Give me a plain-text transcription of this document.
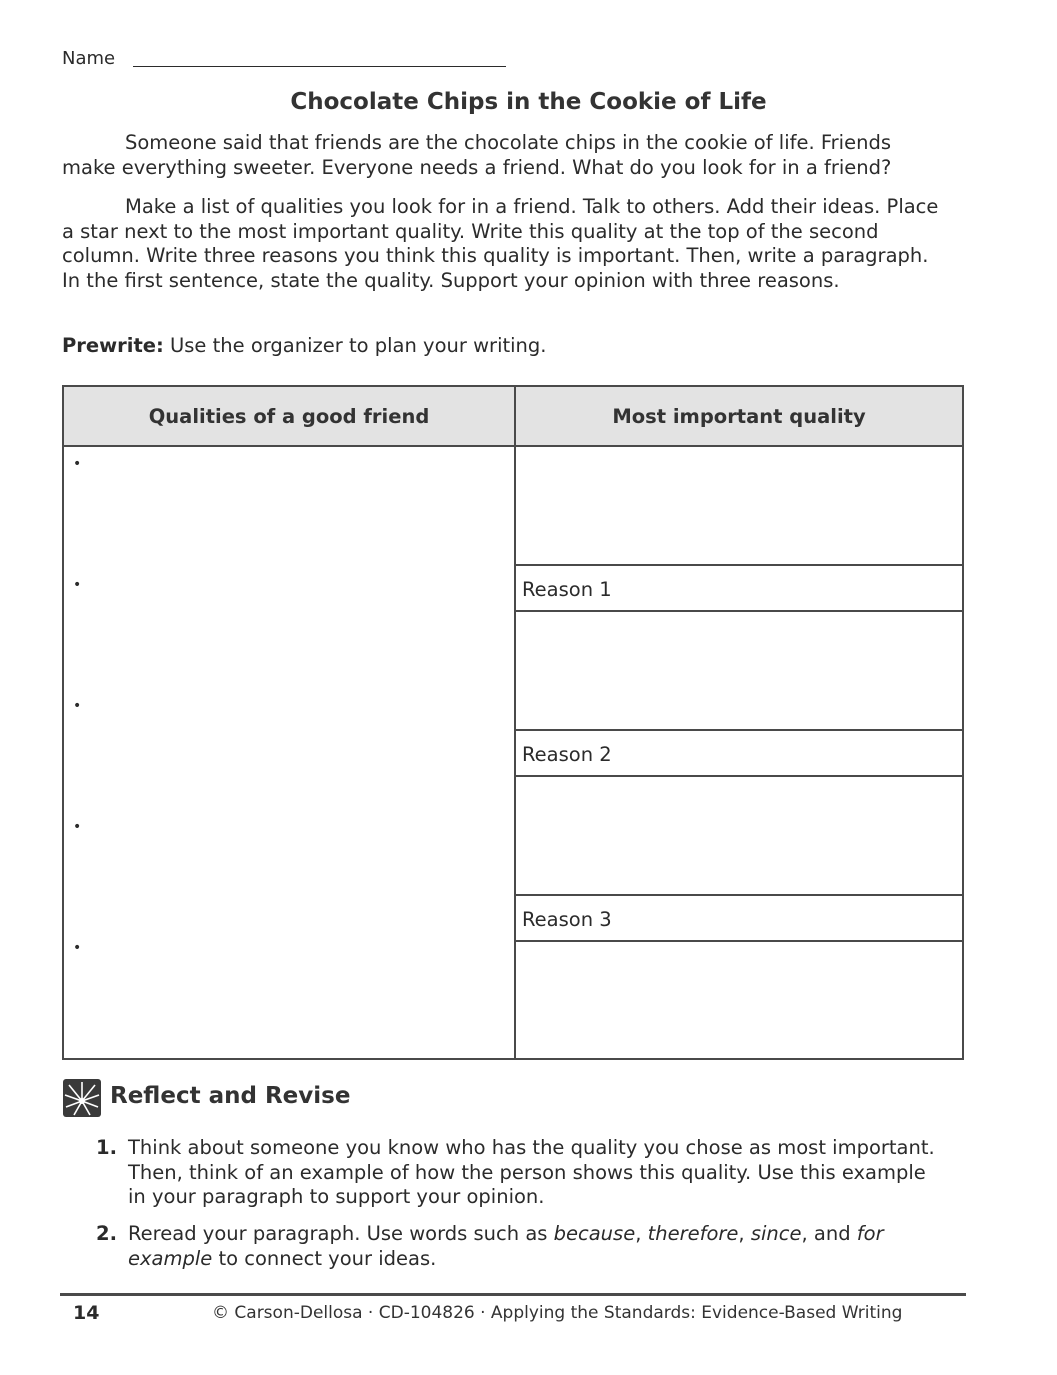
Name
Chocolate Chips in the Cookie of Life
Someone said that friends are the chocolate chips in the cookie of life. Friends make everything sweeter. Everyone needs a friend. What do you look for in a friend?
Make a list of qualities you look for in a friend. Talk to others. Add their ideas. Place a star next to the most important quality. Write this quality at the top of the second column. Write three reasons you think this quality is important. Then, write a paragraph. In the first sentence, state the quality. Support your opinion with three reasons.
Prewrite: Use the organizer to plan your writing.
Qualities of a good friend	Most important quality
•
•
•
•
•
Reason 1
Reason 2
Reason 3
Reflect and Revise
1. Think about someone you know who has the quality you chose as most important. Then, think of an example of how the person shows this quality. Use this example in your paragraph to support your opinion.
2. Reread your paragraph. Use words such as because, therefore, since, and for example to connect your ideas.
14	© Carson-Dellosa · CD-104826 · Applying the Standards: Evidence-Based Writing
